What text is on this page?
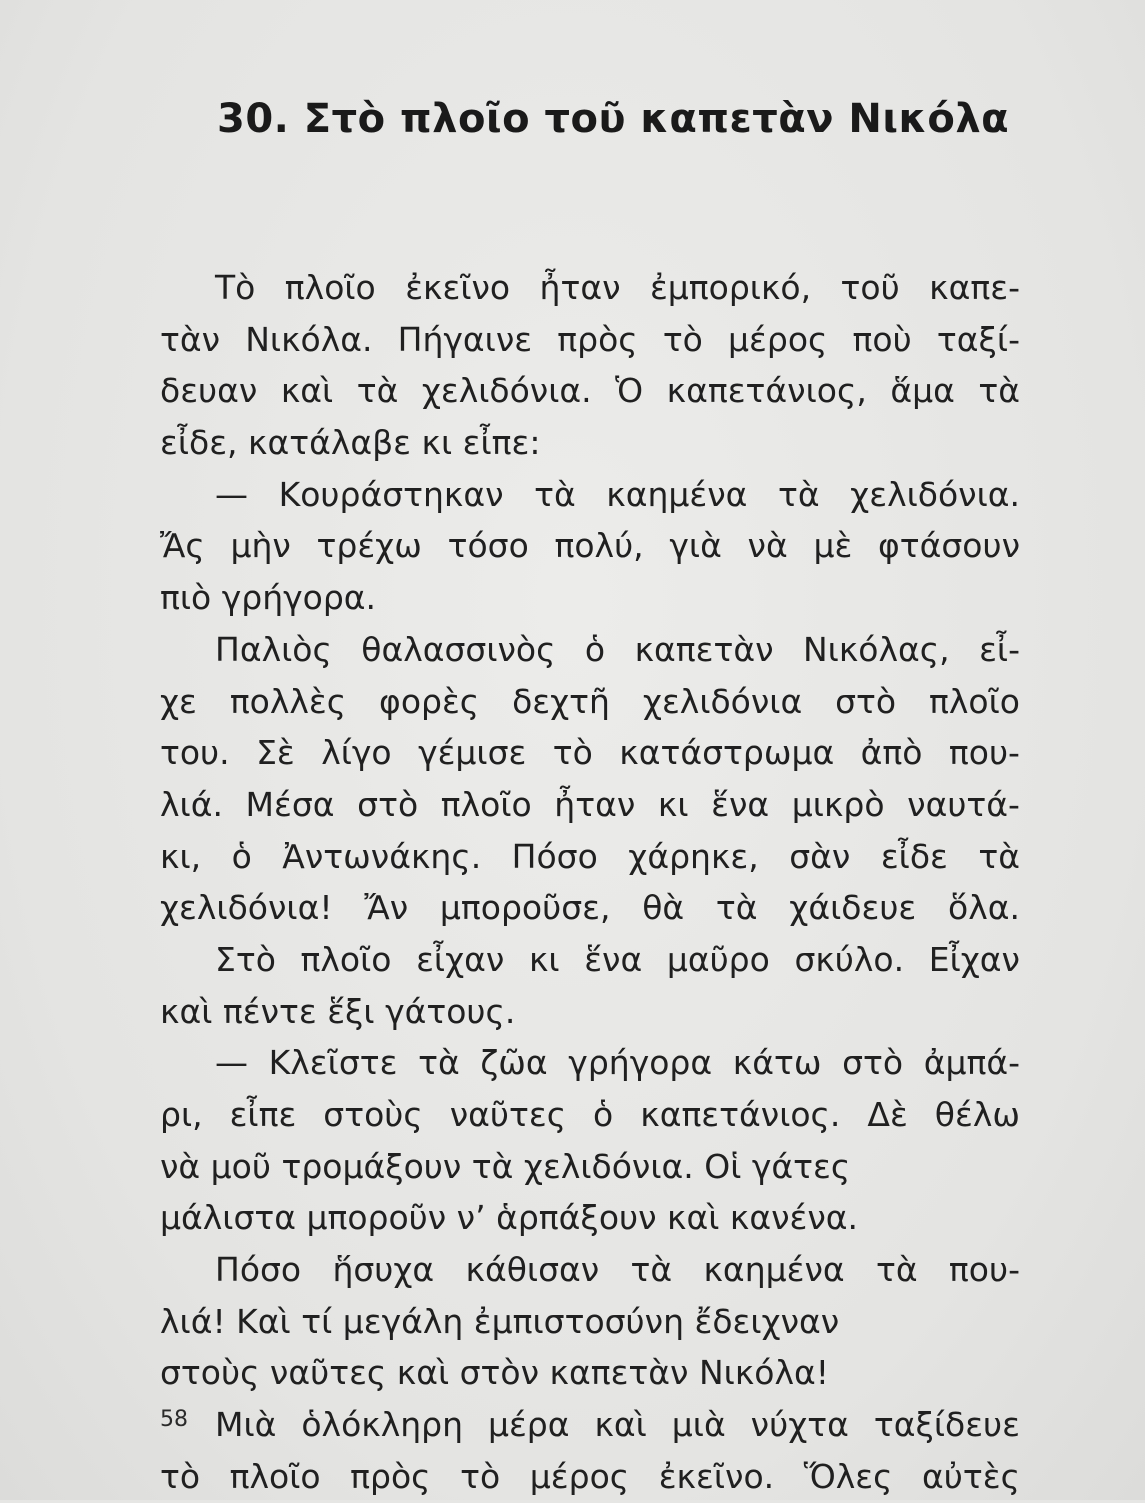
30. Στὸ πλοῖο τοῦ καπετὰν Νικόλα
Τὸ πλοῖο ἐκεῖνο ἦταν ἐμπορικό, τοῦ καπε-
τὰν Νικόλα. Πήγαινε πρὸς τὸ μέρος ποὺ ταξί-
δευαν καὶ τὰ χελιδόνια. Ὁ καπετάνιος, ἅμα τὰ
εἶδε, κατάλαβε κι εἶπε:
— Κουράστηκαν τὰ καημένα τὰ χελιδόνια.
Ἄς μὴν τρέχω τόσο πολύ, γιὰ νὰ μὲ φτάσουν
πιὸ γρήγορα.
Παλιὸς θαλασσινὸς ὁ καπετὰν Νικόλας, εἶ-
χε πολλὲς φορὲς δεχτῆ χελιδόνια στὸ πλοῖο
του. Σὲ λίγο γέμισε τὸ κατάστρωμα ἀπὸ που-
λιά. Μέσα στὸ πλοῖο ἦταν κι ἕνα μικρὸ ναυτά-
κι, ὁ Ἀντωνάκης. Πόσο χάρηκε, σὰν εἶδε τὰ
χελιδόνια! Ἄν μποροῦσε, θὰ τὰ χάιδευε ὅλα.
Στὸ πλοῖο εἶχαν κι ἕνα μαῦρο σκύλο. Εἶχαν
καὶ πέντε ἕξι γάτους.
— Κλεῖστε τὰ ζῶα γρήγορα κάτω στὸ ἀμπά-
ρι, εἶπε στοὺς ναῦτες ὁ καπετάνιος. Δὲ θέλω
νὰ μοῦ τρομάξουν τὰ χελιδόνια. Οἱ γάτες
μάλιστα μποροῦν ν’ ἁρπάξουν καὶ κανένα.
Πόσο ἥσυχα κάθισαν τὰ καημένα τὰ που-
λιά! Καὶ τί μεγάλη ἐμπιστοσύνη ἔδειχναν
στοὺς ναῦτες καὶ στὸν καπετὰν Νικόλα!
Μιὰ ὁλόκληρη μέρα καὶ μιὰ νύχτα ταξίδευε
τὸ πλοῖο πρὸς τὸ μέρος ἐκεῖνο. Ὅλες αὐτὲς
58
